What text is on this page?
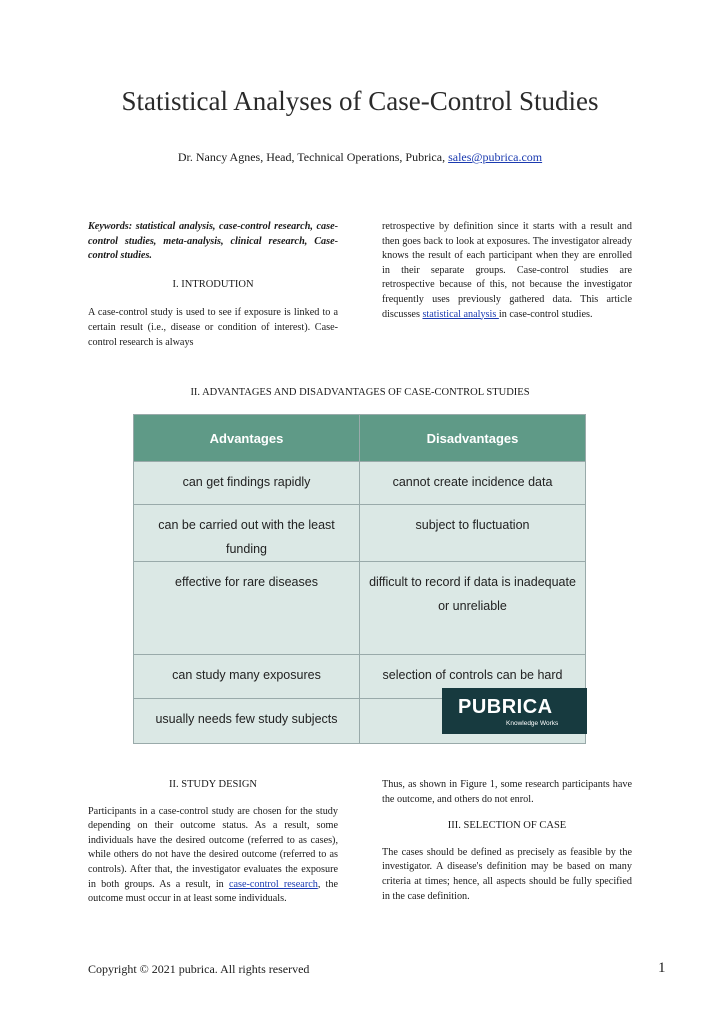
Statistical Analyses of Case-Control Studies
Dr. Nancy Agnes, Head, Technical Operations, Pubrica, sales@pubrica.com

Keywords: statistical analysis, case-control research, case-control studies, meta-analysis, clinical research, Case-control studies.

I. INTRODUTION

A case-control study is used to see if exposure is linked to a certain result (i.e., disease or condition of interest). Case-control research is always

retrospective by definition since it starts with a result and then goes back to look at exposures. The investigator already knows the result of each participant when they are enrolled in their separate groups. Case-control studies are retrospective because of this, not because the investigator frequently uses previously gathered data. This article discusses statistical analysis in case-control studies.

II. ADVANTAGES AND DISADVANTAGES OF CASE-CONTROL STUDIES
Advantages	Disadvantages
can get findings rapidly	cannot create incidence data
can be carried out with the least funding	subject to fluctuation
effective for rare diseases	difficult to record if data is inadequate or unreliable
can study many exposures	selection of controls can be hard
usually needs few study subjects	
PUBRICA
Knowledge Works

II. STUDY DESIGN

Participants in a case-control study are chosen for the study depending on their outcome status. As a result, some individuals have the desired outcome (referred to as cases), while others do not have the desired outcome (referred to as controls). After that, the investigator evaluates the exposure in both groups. As a result, in case-control research, the outcome must occur in at least some individuals.

Thus, as shown in Figure 1, some research participants have the outcome, and others do not enrol.

III. SELECTION OF CASE

The cases should be defined as precisely as feasible by the investigator. A disease's definition may be based on many criteria at times; hence, all aspects should be fully specified in the case definition.

Copyright © 2021 pubrica. All rights reserved	1
